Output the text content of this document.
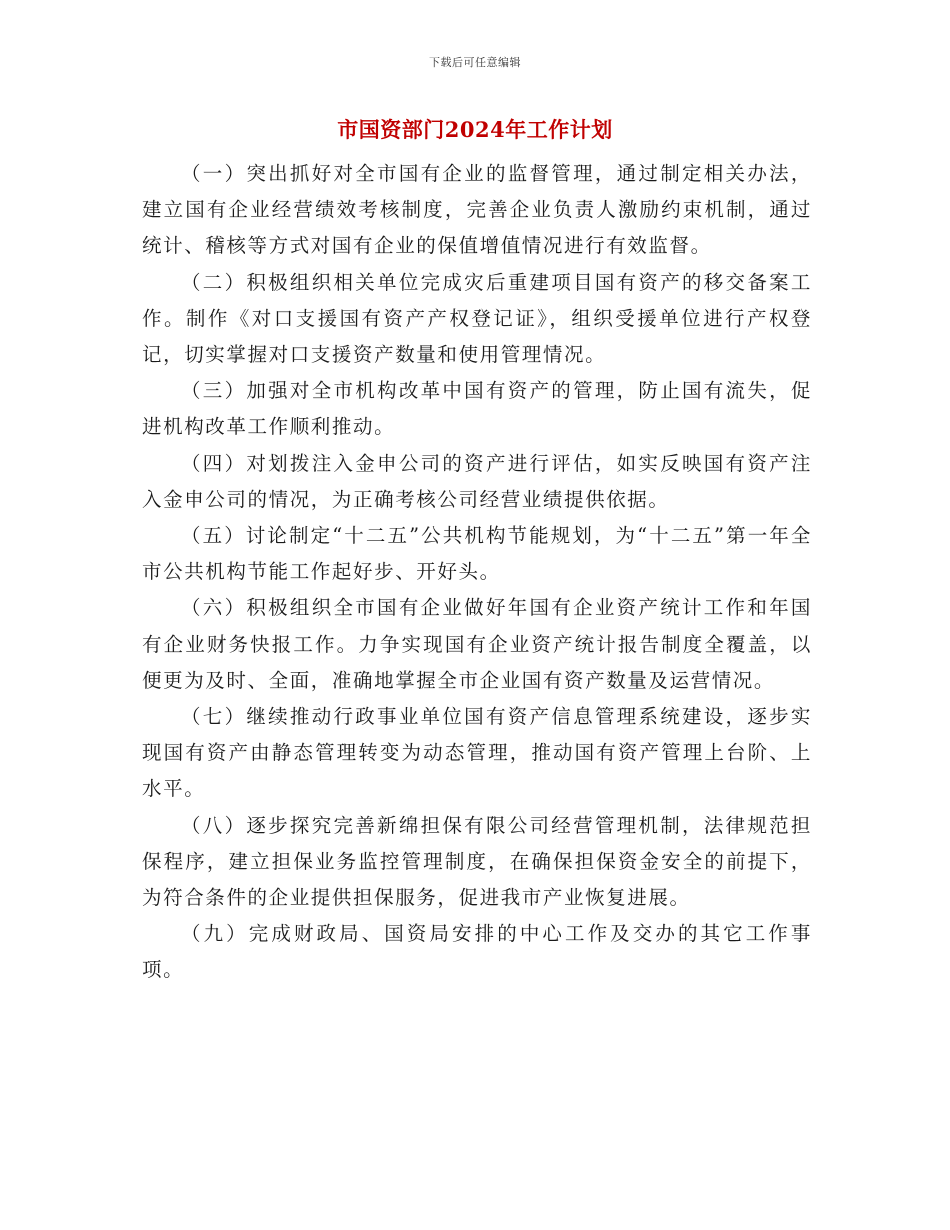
下载后可任意编辑
市国资部门2024年工作计划

（一）突出抓好对全市国有企业的监督管理，通过制定相关办法，建立国有企业经营绩效考核制度，完善企业负责人激励约束机制，通过统计、稽核等方式对国有企业的保值增值情况进行有效监督。

（二）积极组织相关单位完成灾后重建项目国有资产的移交备案工作。制作《对口支援国有资产产权登记证》，组织受援单位进行产权登记，切实掌握对口支援资产数量和使用管理情况。

（三）加强对全市机构改革中国有资产的管理，防止国有流失，促进机构改革工作顺利推动。

（四）对划拨注入金申公司的资产进行评估，如实反映国有资产注入金申公司的情况，为正确考核公司经营业绩提供依据。

（五）讨论制定“十二五”公共机构节能规划，为“十二五”第一年全市公共机构节能工作起好步、开好头。

（六）积极组织全市国有企业做好年国有企业资产统计工作和年国有企业财务快报工作。力争实现国有企业资产统计报告制度全覆盖，以便更为及时、全面，准确地掌握全市企业国有资产数量及运营情况。

（七）继续推动行政事业单位国有资产信息管理系统建设，逐步实现国有资产由静态管理转变为动态管理，推动国有资产管理上台阶、上水平。

（八）逐步探究完善新绵担保有限公司经营管理机制，法律规范担保程序，建立担保业务监控管理制度，在确保担保资金安全的前提下，为符合条件的企业提供担保服务，促进我市产业恢复进展。

（九）完成财政局、国资局安排的中心工作及交办的其它工作事项。
